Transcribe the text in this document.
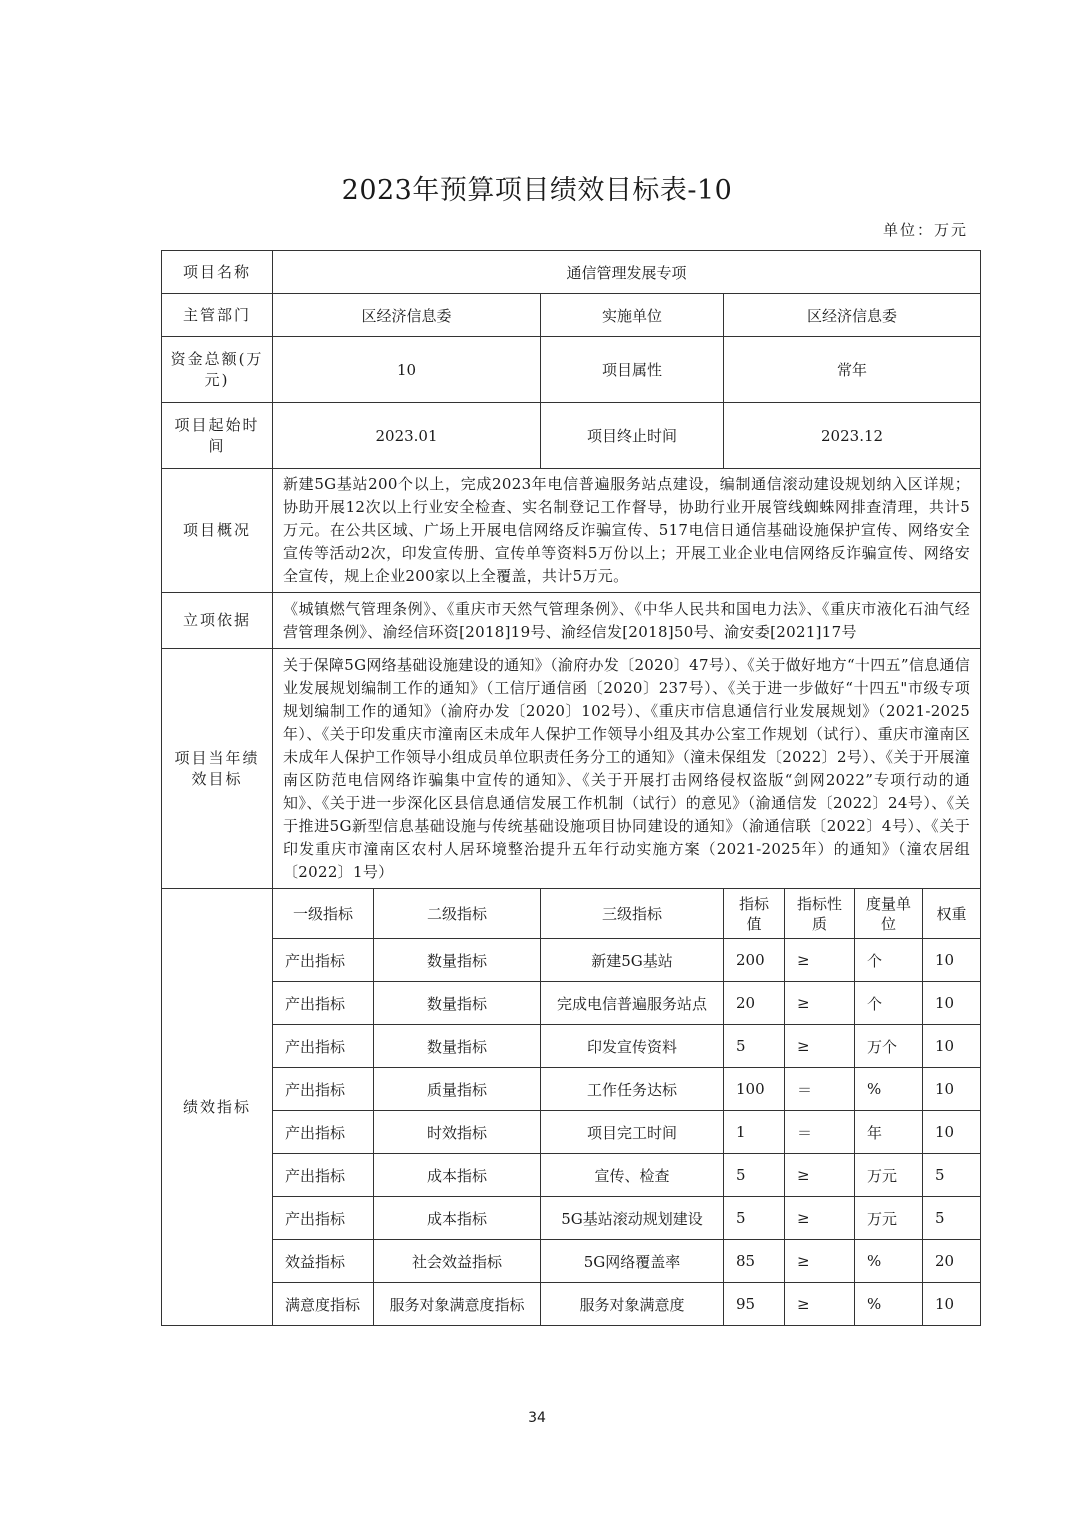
2023年预算项目绩效目标表-10
单位：万元
项目名称	通信管理发展专项						
主管部门	区经济信息委		实施单位	区经济信息委			
资金总额(万元)	10		项目属性	常年			
项目起始时间	2023.01		项目终止时间	2023.12			
项目概况	新建5G基站200个以上，完成2023年电信普遍服务站点建设，编制通信滚动建设规划纳入区详规；协助开展12次以上行业安全检查、实名制登记工作督导，协助行业开展管线蜘蛛网排查清理，共计5万元。在公共区域、广场上开展电信网络反诈骗宣传、517电信日通信基础设施保护宣传、网络安全宣传等活动2次，印发宣传册、宣传单等资料5万份以上；开展工业企业电信网络反诈骗宣传、网络安全宣传，规上企业200家以上全覆盖，共计5万元。						
立项依据	《城镇燃气管理条例》、《重庆市天然气管理条例》、《中华人民共和国电力法》、《重庆市液化石油气经营管理条例》、渝经信环资[2018]19号、渝经信发[2018]50号、渝安委[2021]17号						
项目当年绩效目标	关于保障5G网络基础设施建设的通知》（渝府办发〔2020〕47号）、《关于做好地方“十四五”信息通信业发展规划编制工作的通知》（工信厅通信函〔2020〕237号）、《关于进一步做好“十四五"市级专项规划编制工作的通知》（渝府办发〔2020〕102号）、《重庆市信息通信行业发展规划》（2021-2025年）、《关于印发重庆市潼南区未成年人保护工作领导小组及其办公室工作规划（试行）、重庆市潼南区未成年人保护工作领导小组成员单位职责任务分工的通知》（潼未保组发〔2022〕2号）、《关于开展潼南区防范电信网络诈骗集中宣传的通知》、《关于开展打击网络侵权盗版“剑网2022”专项行动的通知》、《关于进一步深化区县信息通信发展工作机制（试行）的意见》（渝通信发〔2022〕24号）、《关于推进5G新型信息基础设施与传统基础设施项目协同建设的通知》（渝通信联〔2022〕4号）、《关于印发重庆市潼南区农村人居环境整治提升五年行动实施方案（2021-2025年）的通知》（潼农居组〔2022〕1号）						
绩效指标	一级指标	二级指标	三级指标	指标值	指标性质	度量单位	权重
	产出指标	数量指标	新建5G基站	200	≥	个	10
	产出指标	数量指标	完成电信普遍服务站点	20	≥	个	10
	产出指标	数量指标	印发宣传资料	5	≥	万个	10
	产出指标	质量指标	工作任务达标	100	＝	%	10
	产出指标	时效指标	项目完工时间	1	＝	年	10
	产出指标	成本指标	宣传、检查	5	≥	万元	5
	产出指标	成本指标	5G基站滚动规划建设	5	≥	万元	5
	效益指标	社会效益指标	5G网络覆盖率	85	≥	%	20
	满意度指标	服务对象满意度指标	服务对象满意度	95	≥	%	10
34
